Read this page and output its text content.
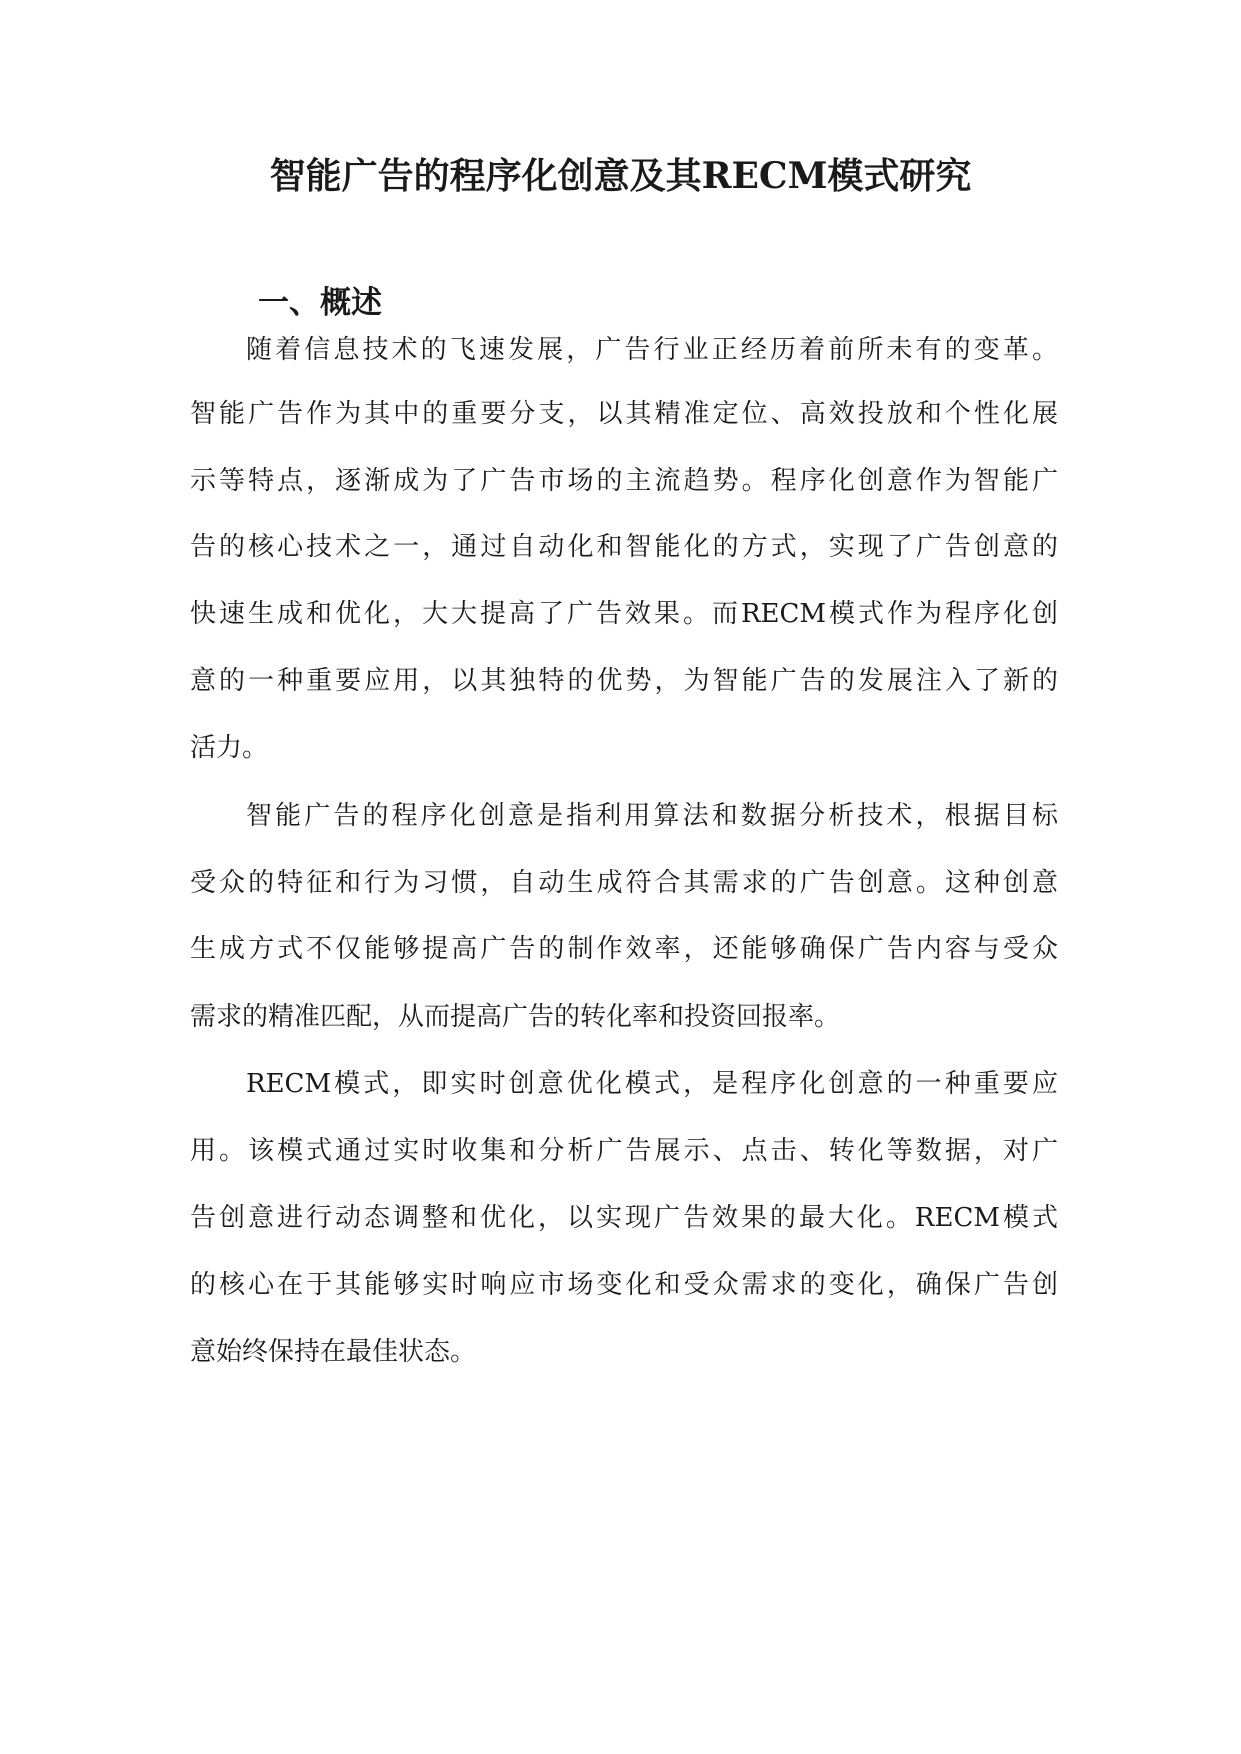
智能广告的程序化创意及其RECM模式研究
一、概述
随着信息技术的飞速发展，广告行业正经历着前所未有的变革。
智能广告作为其中的重要分支，以其精准定位、高效投放和个性化展
示等特点，逐渐成为了广告市场的主流趋势。程序化创意作为智能广
告的核心技术之一，通过自动化和智能化的方式，实现了广告创意的
快速生成和优化，大大提高了广告效果。而RECM模式作为程序化创
意的一种重要应用，以其独特的优势，为智能广告的发展注入了新的
活力。
智能广告的程序化创意是指利用算法和数据分析技术，根据目标
受众的特征和行为习惯，自动生成符合其需求的广告创意。这种创意
生成方式不仅能够提高广告的制作效率，还能够确保广告内容与受众
需求的精准匹配，从而提高广告的转化率和投资回报率。
RECM模式，即实时创意优化模式，是程序化创意的一种重要应
用。该模式通过实时收集和分析广告展示、点击、转化等数据，对广
告创意进行动态调整和优化，以实现广告效果的最大化。RECM模式
的核心在于其能够实时响应市场变化和受众需求的变化，确保广告创
意始终保持在最佳状态。
